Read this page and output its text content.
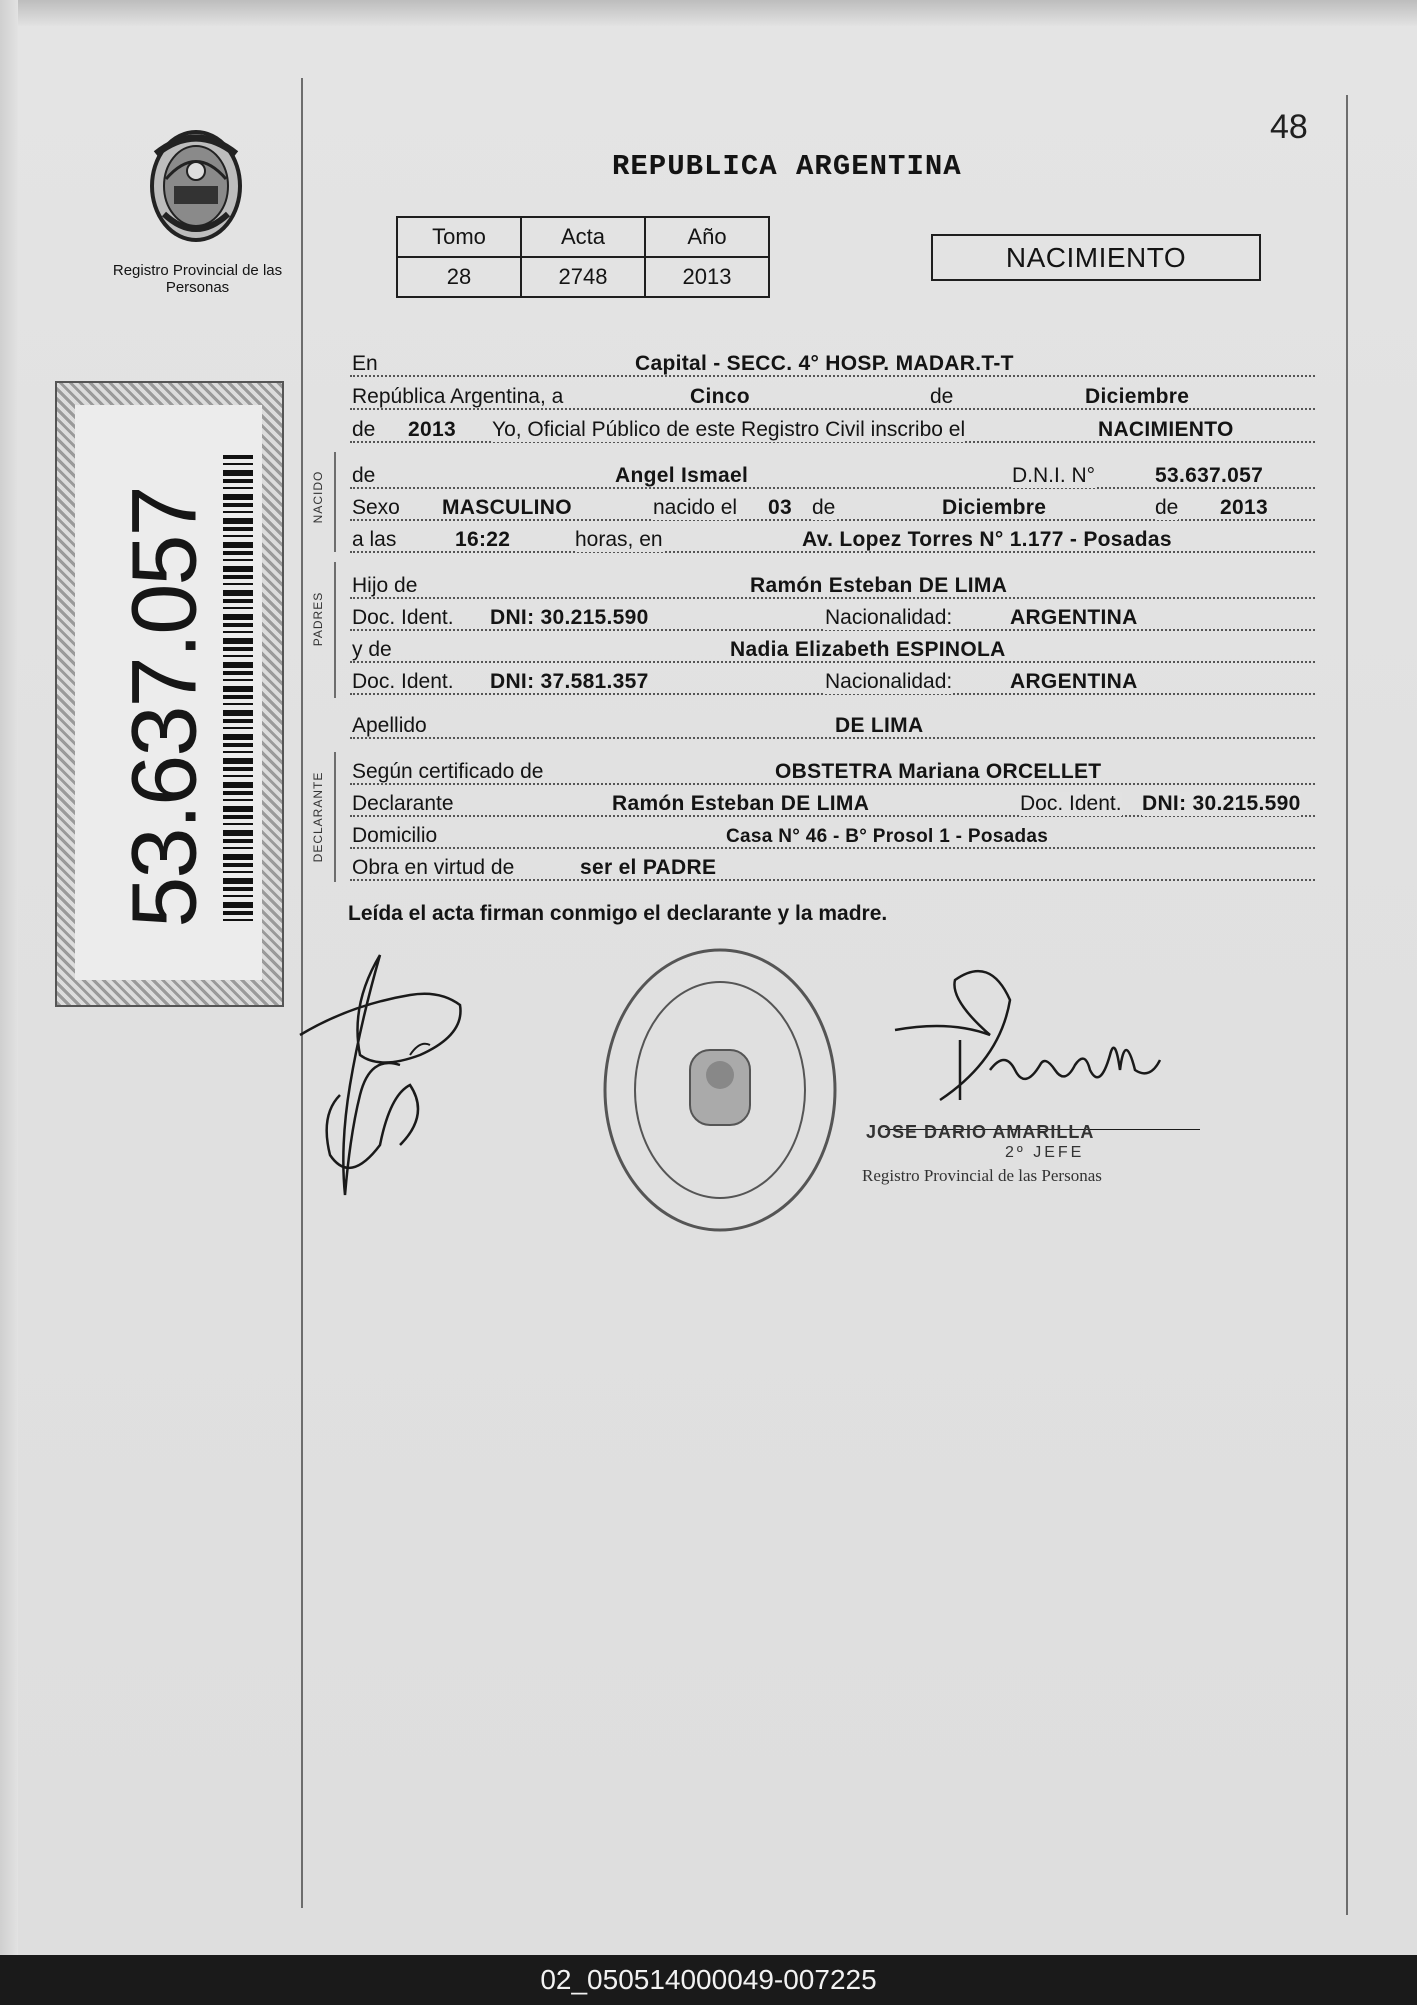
48
REPUBLICA ARGENTINA
Registro Provincial de las Personas
Tomo	Acta	Año
28	2748	2013
NACIMIENTO
53.637.057	NACIDO
PADRES
DECLARANTE
En	Capital - SECC. 4° HOSP. MADAR.T-T
República Argentina, a	Cinco	de	Diciembre
de 2013 Yo, Oficial Público de este Registro Civil inscribo el	NACIMIENTO
de	Angel Ismael	D.N.I. N°	53.637.057
Sexo MASCULINO	nacido el 03 de	Diciembre	de 2013
a las	16:22	horas, en	Av. Lopez Torres N° 1.177 - Posadas
Hijo de	Ramón Esteban DE LIMA
Doc. Ident. DNI: 30.215.590	Nacionalidad:	ARGENTINA
y de	Nadia Elizabeth ESPINOLA
Doc. Ident. DNI: 37.581.357	Nacionalidad:	ARGENTINA
Apellido	DE LIMA
Según certificado de	OBSTETRA Mariana ORCELLET
Declarante	Ramón Esteban DE LIMA	Doc. Ident. DNI: 30.215.590
Domicilio	Casa N° 46 - B° Prosol 1 - Posadas
Obra en virtud de	ser el PADRE
Leída el acta firman conmigo el declarante y la madre.
JOSE DARIO AMARILLA
2º JEFE
Registro Provincial de las Personas
02_050514000049-007225
